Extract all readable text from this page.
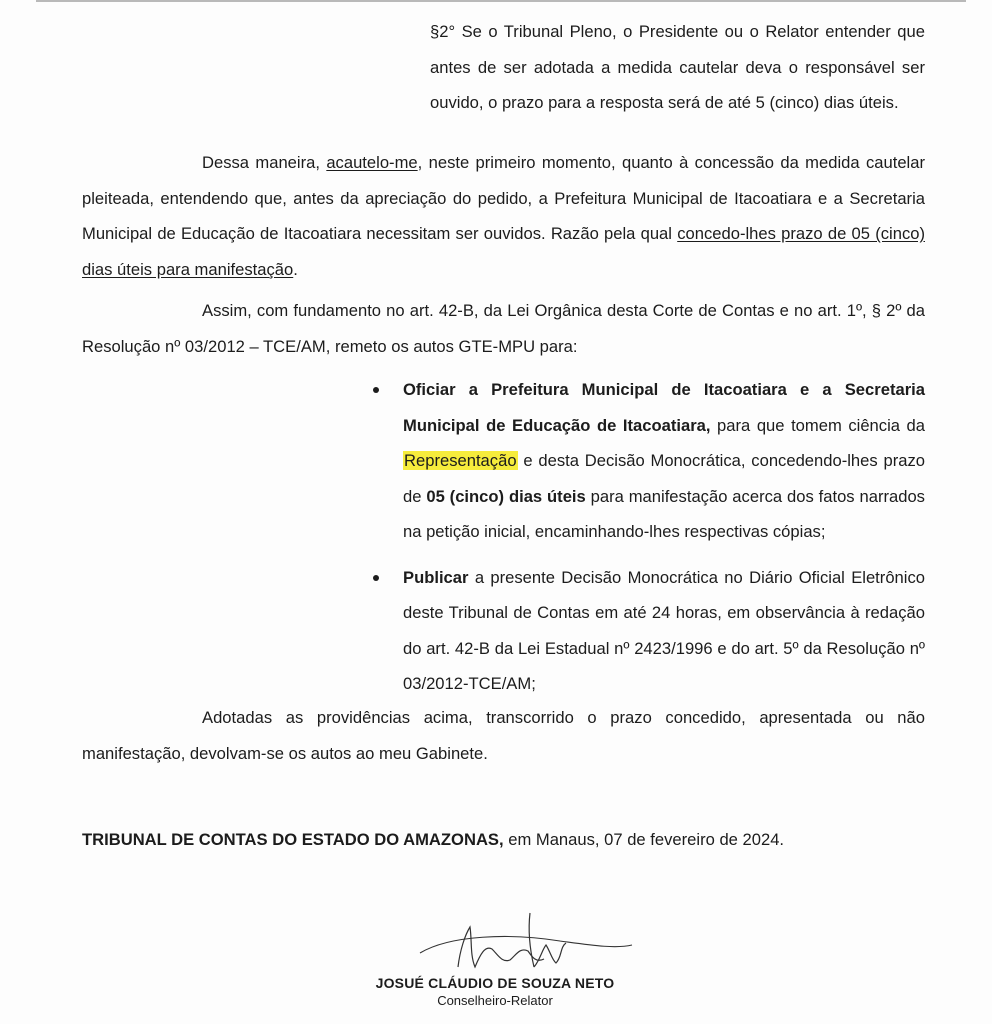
§2° Se o Tribunal Pleno, o Presidente ou o Relator entender que antes de ser adotada a medida cautelar deva o responsável ser ouvido, o prazo para a resposta será de até 5 (cinco) dias úteis.

Dessa maneira, acautelo-me, neste primeiro momento, quanto à concessão da medida cautelar pleiteada, entendendo que, antes da apreciação do pedido, a Prefeitura Municipal de Itacoatiara e a Secretaria Municipal de Educação de Itacoatiara necessitam ser ouvidos. Razão pela qual concedo-lhes prazo de 05 (cinco) dias úteis para manifestação.

Assim, com fundamento no art. 42-B, da Lei Orgânica desta Corte de Contas e no art. 1º, § 2º da Resolução nº 03/2012 – TCE/AM, remeto os autos GTE-MPU para:

Oficiar a Prefeitura Municipal de Itacoatiara e a Secretaria Municipal de Educação de Itacoatiara, para que tomem ciência da Representação e desta Decisão Monocrática, concedendo-lhes prazo de 05 (cinco) dias úteis para manifestação acerca dos fatos narrados na petição inicial, encaminhando-lhes respectivas cópias;
Publicar a presente Decisão Monocrática no Diário Oficial Eletrônico deste Tribunal de Contas em até 24 horas, em observância à redação do art. 42-B da Lei Estadual nº 2423/1996 e do art. 5º da Resolução nº 03/2012-TCE/AM;

Adotadas as providências acima, transcorrido o prazo concedido, apresentada ou não manifestação, devolvam-se os autos ao meu Gabinete.

TRIBUNAL DE CONTAS DO ESTADO DO AMAZONAS, em Manaus, 07 de fevereiro de 2024.

JOSUÉ CLÁUDIO DE SOUZA NETO

Conselheiro-Relator
